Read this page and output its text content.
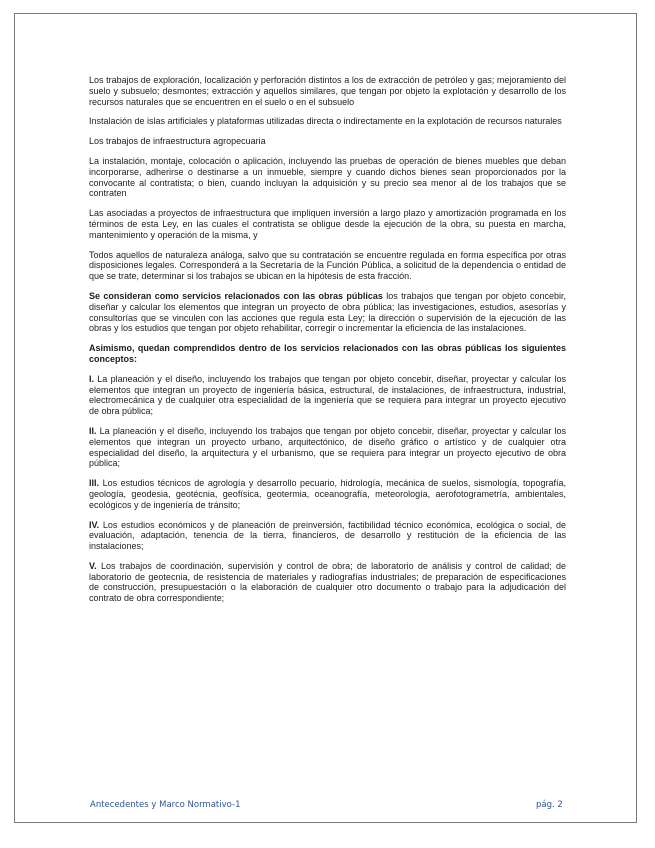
Los trabajos de exploración, localización y perforación distintos a los de extracción de petróleo y gas; mejoramiento del suelo y subsuelo; desmontes; extracción y aquellos similares, que tengan por objeto la explotación y desarrollo de los recursos naturales que se encuentren en el suelo o en el subsuelo

Instalación de islas artificiales y plataformas utilizadas directa o indirectamente en la explotación de recursos naturales

Los trabajos de infraestructura agropecuaria

La instalación, montaje, colocación o aplicación, incluyendo las pruebas de operación de bienes muebles que deban incorporarse, adherirse o destinarse a un inmueble, siempre y cuando dichos bienes sean proporcionados por la convocante al contratista; o bien, cuando incluyan la adquisición y su precio sea menor al de los trabajos que se contraten

Las asociadas a proyectos de infraestructura que impliquen inversión a largo plazo y amortización programada en los términos de esta Ley, en las cuales el contratista se obligue desde la ejecución de la obra, su puesta en marcha, mantenimiento y operación de la misma, y

Todos aquellos de naturaleza análoga, salvo que su contratación se encuentre regulada en forma específica por otras disposiciones legales. Corresponderá a la Secretaría de la Función Pública, a solicitud de la dependencia o entidad de que se trate, determinar si los trabajos se ubican en la hipótesis de esta fracción.

Se consideran como servicios relacionados con las obras públicas los trabajos que tengan por objeto concebir, diseñar y calcular los elementos que integran un proyecto de obra pública; las investigaciones, estudios, asesorías y consultorías que se vinculen con las acciones que regula esta Ley; la dirección o supervisión de la ejecución de las obras y los estudios que tengan por objeto rehabilitar, corregir o incrementar la eficiencia de las instalaciones.

Asimismo, quedan comprendidos dentro de los servicios relacionados con las obras públicas los siguientes conceptos:

I. La planeación y el diseño, incluyendo los trabajos que tengan por objeto concebir, diseñar, proyectar y calcular los elementos que integran un proyecto de ingeniería básica, estructural, de instalaciones, de infraestructura, industrial, electromecánica y de cualquier otra especialidad de la ingeniería que se requiera para integrar un proyecto ejecutivo de obra pública;

II. La planeación y el diseño, incluyendo los trabajos que tengan por objeto concebir, diseñar, proyectar y calcular los elementos que integran un proyecto urbano, arquitectónico, de diseño gráfico o artístico y de cualquier otra especialidad del diseño, la arquitectura y el urbanismo, que se requiera para integrar un proyecto ejecutivo de obra pública;

III. Los estudios técnicos de agrología y desarrollo pecuario, hidrología, mecánica de suelos, sismología, topografía, geología, geodesia, geotécnia, geofísica, geotermia, oceanografía, meteorología, aerofotogrametría, ambientales, ecológicos y de ingeniería de tránsito;

IV. Los estudios económicos y de planeación de preinversión, factibilidad técnico económica, ecológica o social, de evaluación, adaptación, tenencia de la tierra, financieros, de desarrollo y restitución de la eficiencia de las instalaciones;

V. Los trabajos de coordinación, supervisión y control de obra; de laboratorio de análisis y control de calidad; de laboratorio de geotecnia, de resistencia de materiales y radiografías industriales; de preparación de especificaciones de construcción, presupuestación o la elaboración de cualquier otro documento o trabajo para la adjudicación del contrato de obra correspondiente;

Antecedentes y Marco Normativo-1	pág. 2
